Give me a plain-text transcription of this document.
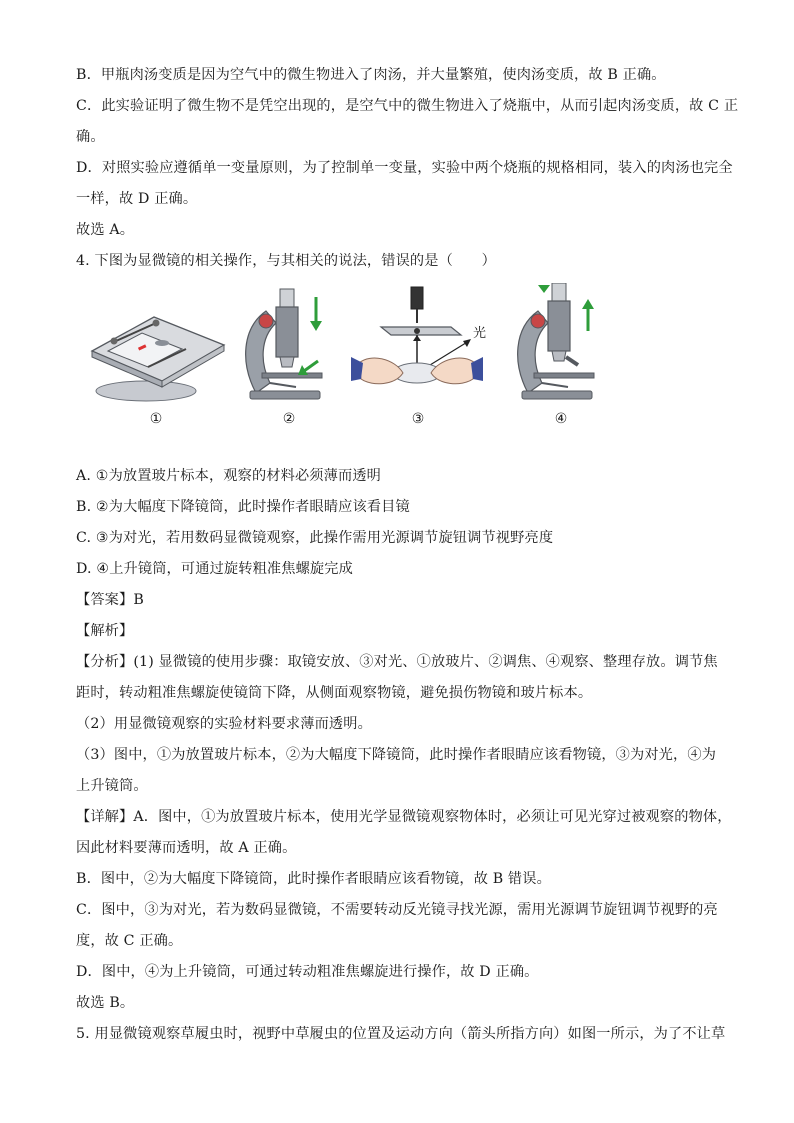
B．甲瓶肉汤变质是因为空气中的微生物进入了肉汤，并大量繁殖，使肉汤变质，故 B 正确。
C．此实验证明了微生物不是凭空出现的，是空气中的微生物进入了烧瓶中，从而引起肉汤变质，故 C 正
确。
D．对照实验应遵循单一变量原则，为了控制单一变量，实验中两个烧瓶的规格相同，装入的肉汤也完全
一样，故 D 正确。
故选 A。
4. 下图为显微镜的相关操作，与其相关的说法，错误的是（　　）
①	②
光
③	④
A. ①为放置玻片标本，观察的材料必须薄而透明
B. ②为大幅度下降镜筒，此时操作者眼睛应该看目镜
C. ③为对光，若用数码显微镜观察，此操作需用光源调节旋钮调节视野亮度
D. ④上升镜筒，可通过旋转粗准焦螺旋完成
【答案】B
【解析】
【分析】(1) 显微镜的使用步骤：取镜安放、③对光、①放玻片、②调焦、④观察、整理存放。调节焦
距时，转动粗准焦螺旋使镜筒下降，从侧面观察物镜，避免损伤物镜和玻片标本。
（2）用显微镜观察的实验材料要求薄而透明。
（3）图中，①为放置玻片标本，②为大幅度下降镜筒，此时操作者眼睛应该看物镜，③为对光，④为
上升镜筒。
【详解】A．图中，①为放置玻片标本，使用光学显微镜观察物体时，必须让可见光穿过被观察的物体，
因此材料要薄而透明，故 A 正确。
B．图中，②为大幅度下降镜筒，此时操作者眼睛应该看物镜，故 B 错误。
C．图中，③为对光，若为数码显微镜，不需要转动反光镜寻找光源，需用光源调节旋钮调节视野的亮
度，故 C 正确。
D．图中，④为上升镜筒，可通过转动粗准焦螺旋进行操作，故 D 正确。
故选 B。
5. 用显微镜观察草履虫时，视野中草履虫的位置及运动方向（箭头所指方向）如图一所示，为了不让草
